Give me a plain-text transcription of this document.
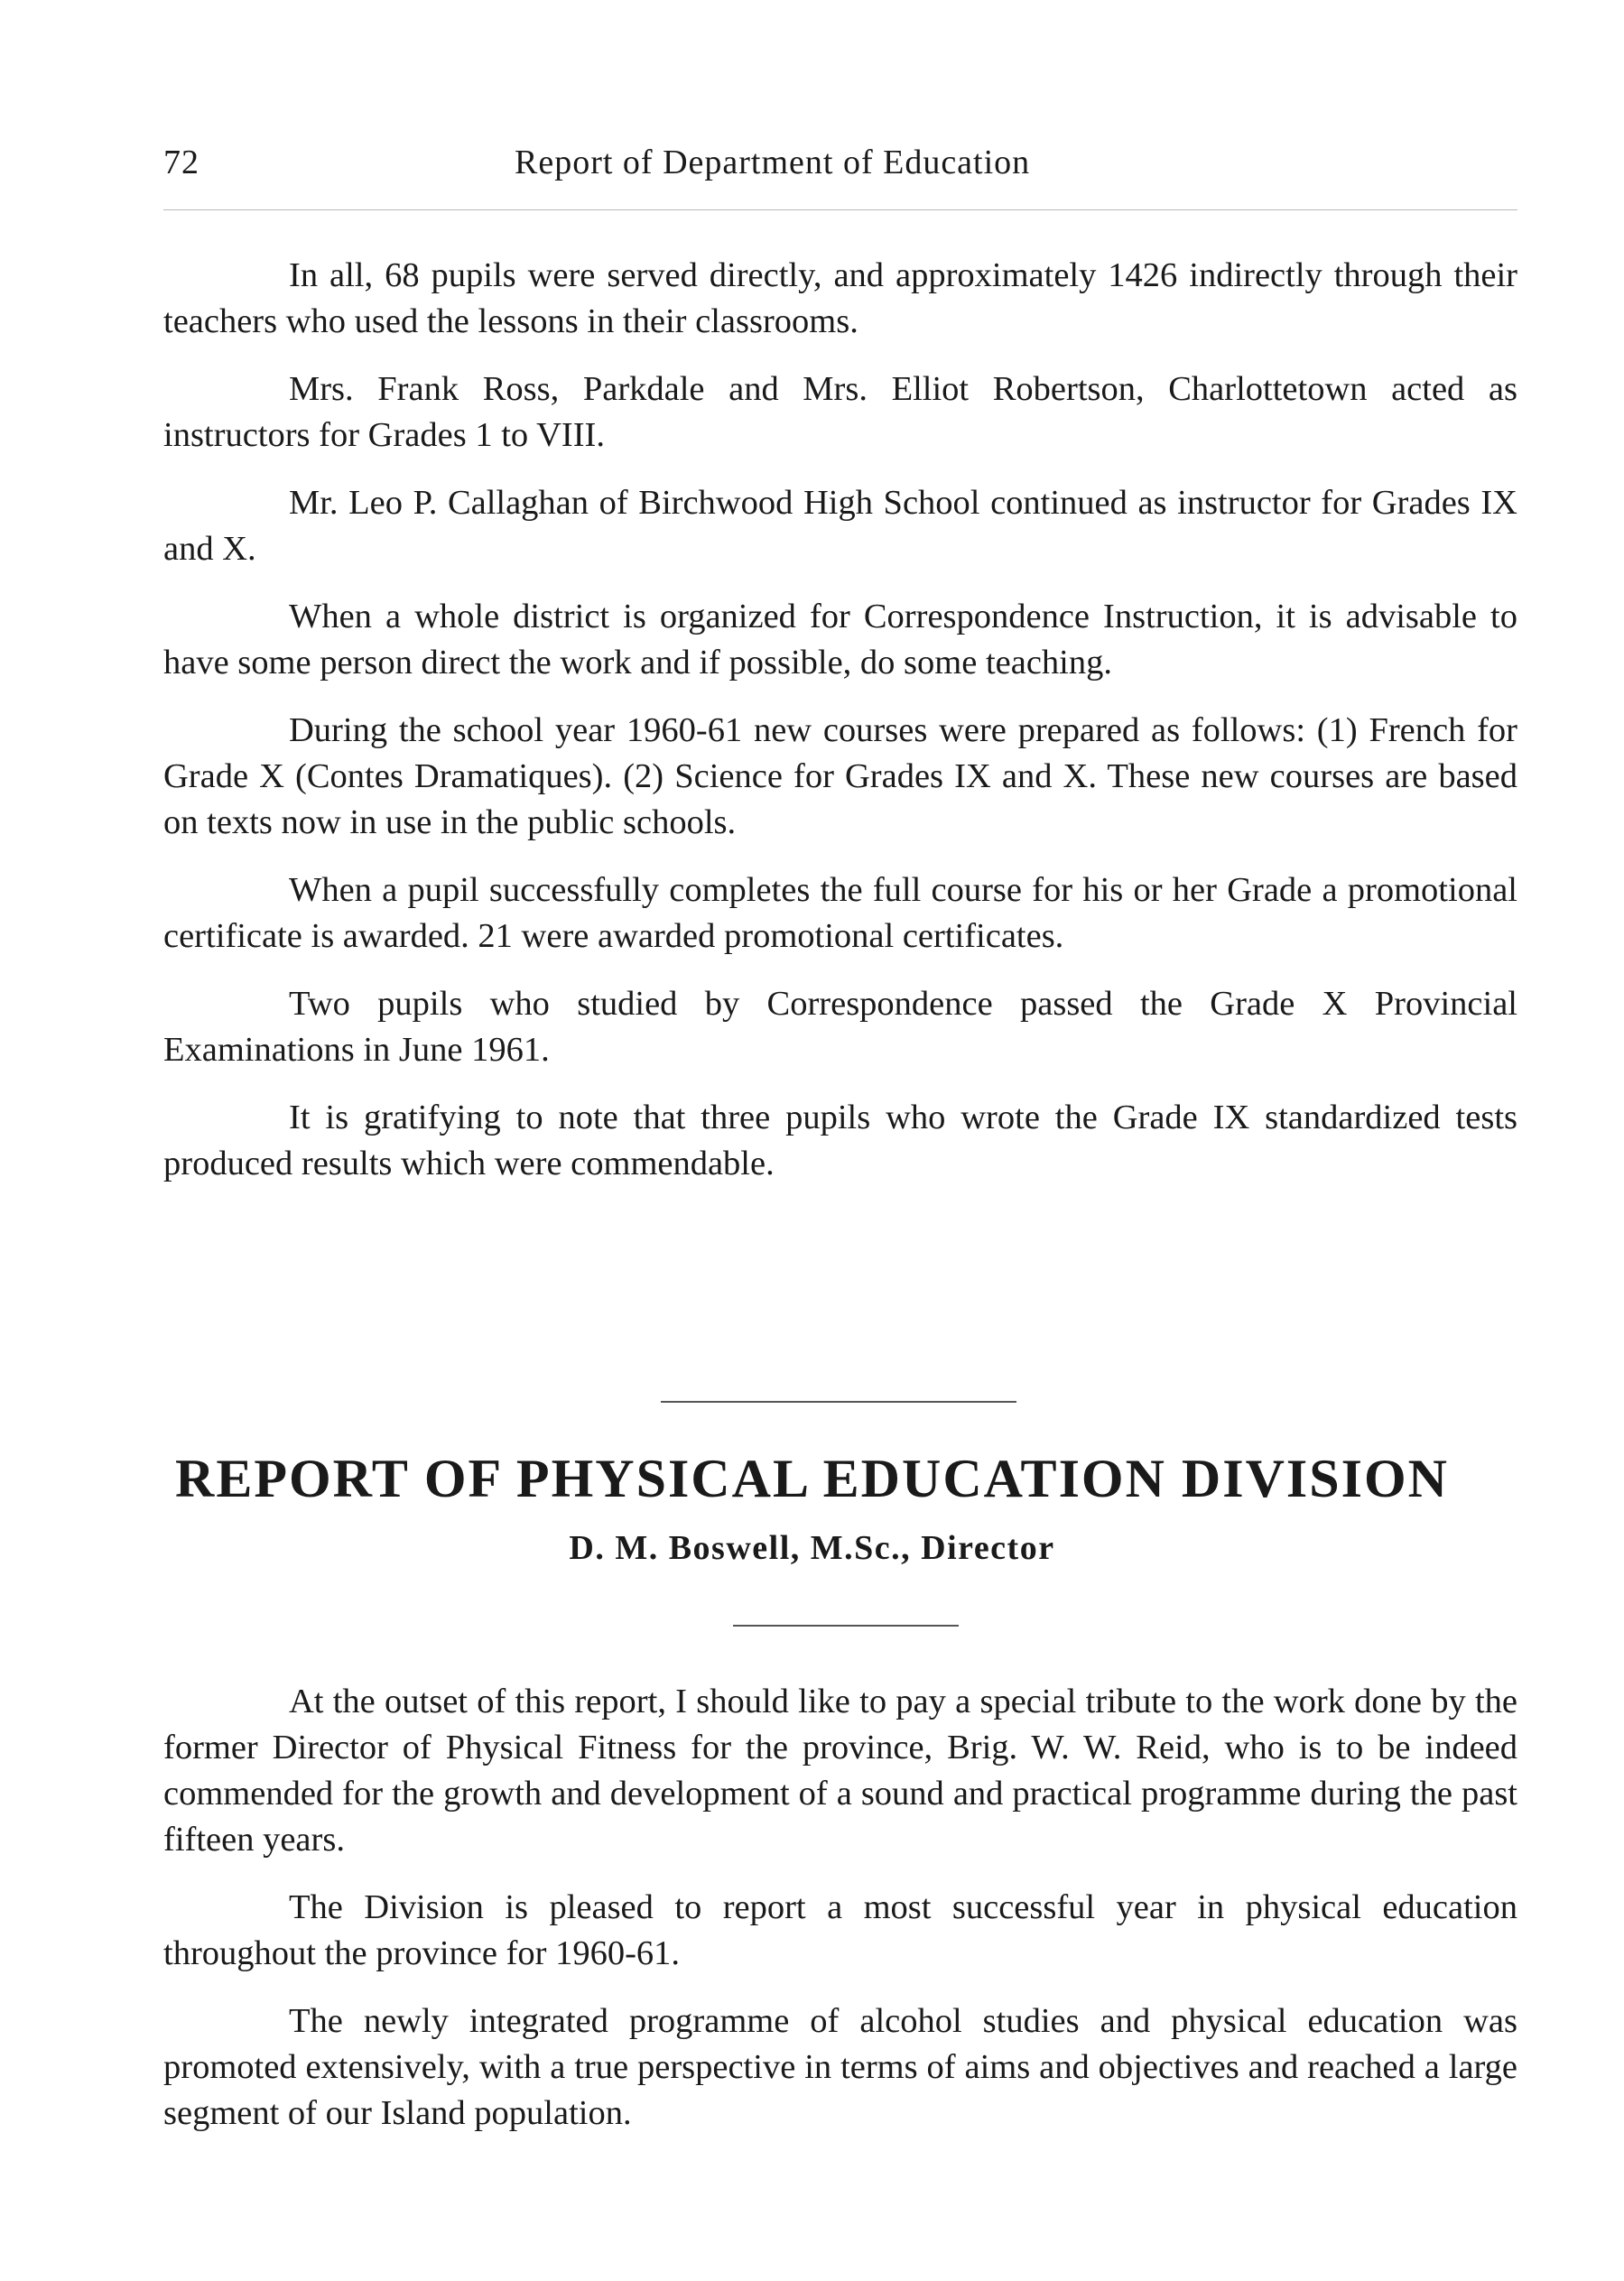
72	Report of Department of Education

In all, 68 pupils were served directly, and approximately 1426 indirectly through their teachers who used the lessons in their classrooms.

Mrs. Frank Ross, Parkdale and Mrs. Elliot Robertson, Charlottetown acted as instructors for Grades 1 to VIII.

Mr. Leo P. Callaghan of Birchwood High School continued as instructor for Grades IX and X.

When a whole district is organized for Correspondence Instruction, it is advisable to have some person direct the work and if possible, do some teaching.

During the school year 1960-61 new courses were prepared as follows: (1) French for Grade X (Contes Dramatiques). (2) Science for Grades IX and X. These new courses are based on texts now in use in the public schools.

When a pupil successfully completes the full course for his or her Grade a promotional certificate is awarded. 21 were awarded promotional certificates.

Two pupils who studied by Correspondence passed the Grade X Provincial Examinations in June 1961.

It is gratifying to note that three pupils who wrote the Grade IX standardized tests produced results which were commendable.

REPORT OF PHYSICAL EDUCATION DIVISION
D. M. Boswell, M.Sc., Director

At the outset of this report, I should like to pay a special tribute to the work done by the former Director of Physical Fitness for the province, Brig. W. W. Reid, who is to be indeed commended for the growth and development of a sound and practical programme during the past fifteen years.

The Division is pleased to report a most successful year in physical education throughout the province for 1960-61.

The newly integrated programme of alcohol studies and physical education was promoted extensively, with a true perspective in terms of aims and objectives and reached a large segment of our Island population.
